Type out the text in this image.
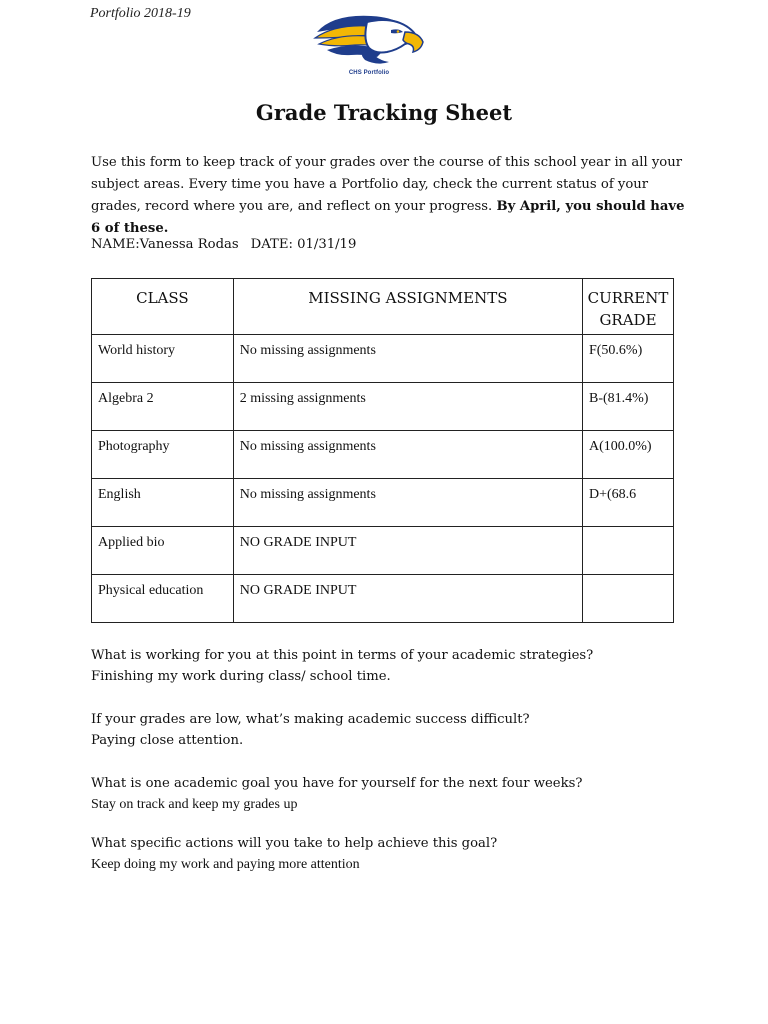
Portfolio 2018-19
CHS Portfolio
Grade Tracking Sheet
Use this form to keep track of your grades over the course of this school year in all your subject areas. Every time you have a Portfolio day, check the current status of your grades, record where you are, and reflect on your progress. By April, you should have 6 of these.
NAME:Vanessa Rodas DATE: 01/31/19
CLASS	MISSING ASSIGNMENTS	CURRENT
GRADE
World history	No missing assignments	F(50.6%)
Algebra 2	2 missing assignments	B-(81.4%)
Photography	No missing assignments	A(100.0%)
English	No missing assignments	D+(68.6
Applied bio	NO GRADE INPUT	
Physical education	NO GRADE INPUT	
What is working for you at this point in terms of your academic strategies?
Finishing my work during class/ school time.
If your grades are low, what’s making academic success difficult?
Paying close attention.
What is one academic goal you have for yourself for the next four weeks?
Stay on track and keep my grades up
What specific actions will you take to help achieve this goal?
Keep doing my work and paying more attention
